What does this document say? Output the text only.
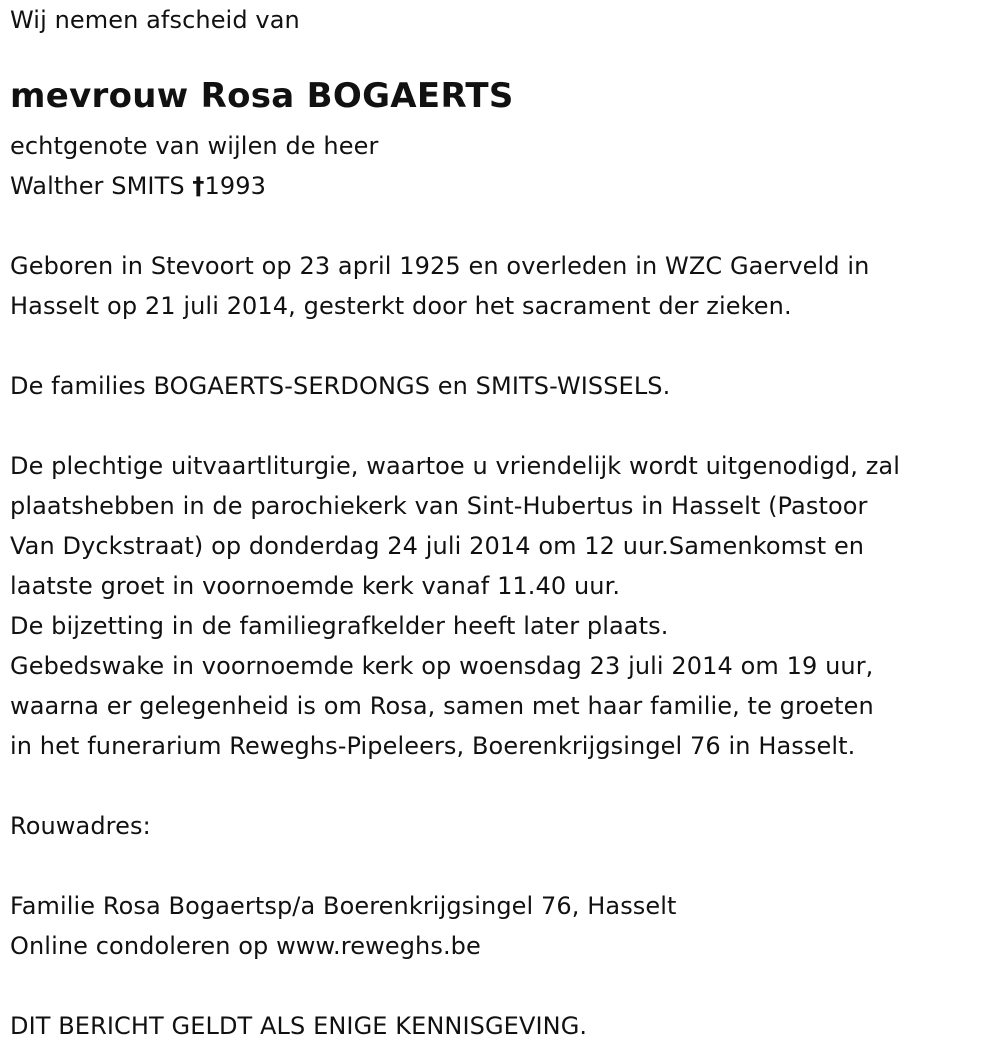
Wij nemen afscheid van
mevrouw Rosa BOGAERTS
echtgenote van wijlen de heer
Walther SMITS †1993
Geboren in Stevoort op 23 april 1925 en overleden in WZC Gaerveld in
Hasselt op 21 juli 2014, gesterkt door het sacrament der zieken.
De families BOGAERTS-SERDONGS en SMITS-WISSELS.
De plechtige uitvaartliturgie, waartoe u vriendelijk wordt uitgenodigd, zal
plaatshebben in de parochiekerk van Sint-Hubertus in Hasselt (Pastoor
Van Dyckstraat) op donderdag 24 juli 2014 om 12 uur.Samenkomst en
laatste groet in voornoemde kerk vanaf 11.40 uur.
De bijzetting in de familiegrafkelder heeft later plaats.
Gebedswake in voornoemde kerk op woensdag 23 juli 2014 om 19 uur,
waarna er gelegenheid is om Rosa, samen met haar familie, te groeten
in het funerarium Reweghs-Pipeleers, Boerenkrijgsingel 76 in Hasselt.
Rouwadres:
Familie Rosa Bogaertsp/a Boerenkrijgsingel 76, Hasselt
Online condoleren op www.reweghs.be
DIT BERICHT GELDT ALS ENIGE KENNISGEVING.
